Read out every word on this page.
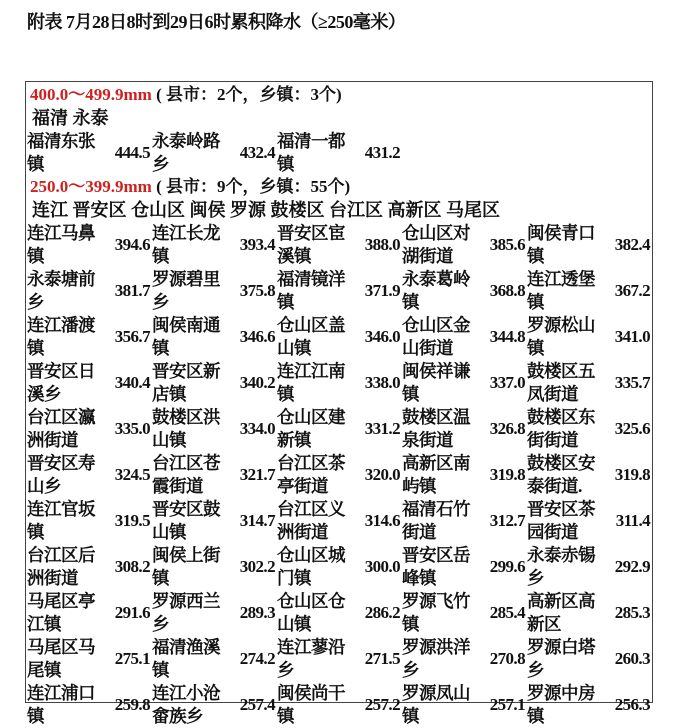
附表 7月28日8时到29日6时累积降水（≥250毫米）
400.0～499.9mm ( 县市：2个，乡镇：3个)
福清 永泰
福清东张镇
444.5
永泰岭路乡
432.4
福清一都镇
431.2
250.0～399.9mm ( 县市：9个，乡镇：55个)
连江 晋安区 仓山区 闽侯 罗源 鼓楼区 台江区 高新区 马尾区
连江马鼻镇
394.6
连江长龙镇
393.4
晋安区宦溪镇
388.0
仓山区对湖街道
385.6
闽侯青口镇
382.4
永泰塘前乡
381.7
罗源碧里乡
375.8
福清镜洋镇
371.9
永泰葛岭镇
368.8
连江透堡镇
367.2
连江潘渡镇
356.7
闽侯南通镇
346.6
仓山区盖山镇
346.0
仓山区金山街道
344.8
罗源松山镇
341.0
晋安区日溪乡
340.4
晋安区新店镇
340.2
连江江南镇
338.0
闽侯祥谦镇
337.0
鼓楼区五凤街道
335.7
台江区瀛洲街道
335.0
鼓楼区洪山镇
334.0
仓山区建新镇
331.2
鼓楼区温泉街道
326.8
鼓楼区东街街道
325.6
晋安区寿山乡
324.5
台江区苍霞街道
321.7
台江区茶亭街道
320.0
高新区南屿镇
319.8
鼓楼区安泰街道.
319.8
连江官坂镇
319.5
晋安区鼓山镇
314.7
台江区义洲街道
314.6
福清石竹街道
312.7
晋安区茶园街道
311.4
台江区后洲街道
308.2
闽侯上街镇
302.2
仓山区城门镇
300.0
晋安区岳峰镇
299.6
永泰赤锡乡
292.9
马尾区亭江镇
291.6
罗源西兰乡
289.3
仓山区仓山镇
286.2
罗源飞竹镇
285.4
高新区高新区
285.3
马尾区马尾镇
275.1
福清渔溪镇
274.2
连江蓼沿乡
271.5
罗源洪洋乡
270.8
罗源白塔乡
260.3
连江浦口镇
259.8
连江小沧畲族乡
257.4
闽侯尚干镇
257.2
罗源凤山镇
257.1
罗源中房镇
256.3
